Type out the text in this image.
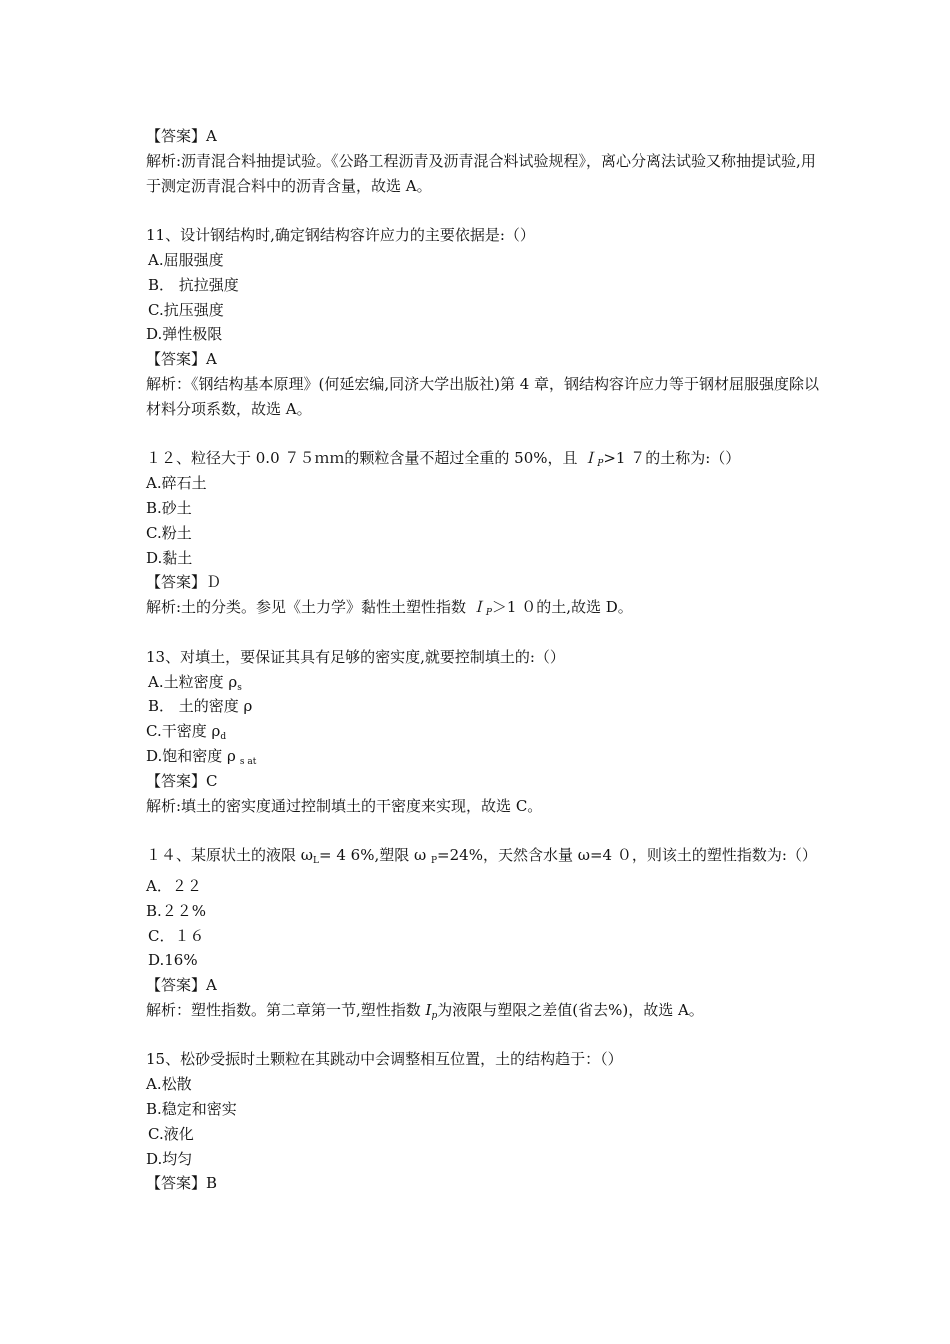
【答案】A
解析:沥青混合料抽提试验。《公路工程沥青及沥青混合料试验规程》，离心分离法试验又称抽提试验,用于测定沥青混合料中的沥青含量，故选 A。
11、设计钢结构时,确定钢结构容许应力的主要依据是:（）
A.屈服强度
B． 抗拉强度
C.抗压强度
D.弹性极限
【答案】A
解析：《钢结构基本原理》(何延宏编,同济大学出版社)第 4 章，钢结构容许应力等于钢材屈服强度除以材料分项系数，故选 A。
１２、粒径大于 0.0 ７５ｍｍ的颗粒含量不超过全重的 50%，且 Ｉ$_P$>1 ７的土称为:（）
A.碎石土
B.砂土
C.粉土
D.黏土
【答案】Ｄ
解析:土的分类。参见《土力学》黏性土塑性指数 Ｉ$_P$＞1 ０的土,故选 D。
13、对填土，要保证其具有足够的密实度,就要控制填土的:（）
A.土粒密度 $\rho_s$
B． 土的密度 ρ
C.干密度 $\rho_d$
D.饱和密度 ρ $_{s at}$
【答案】C
解析:填土的密实度通过控制填土的干密度来实现，故选 C。
１４、某原状土的液限 $\omega_L= 4$ 6%,塑限 ω $_P$=24%，天然含水量 ω=4 ０，则该土的塑性指数为:（）
A．２２
B.２２%
C．１６
D.16%
【答案】A
解析：塑性指数。第二章第一节,塑性指数 $I_p$为液限与塑限之差值(省去%)，故选 A。
15、松砂受振时土颗粒在其跳动中会调整相互位置，土的结构趋于：（）
A.松散
B.稳定和密实
C.液化
D.均匀
【答案】B
